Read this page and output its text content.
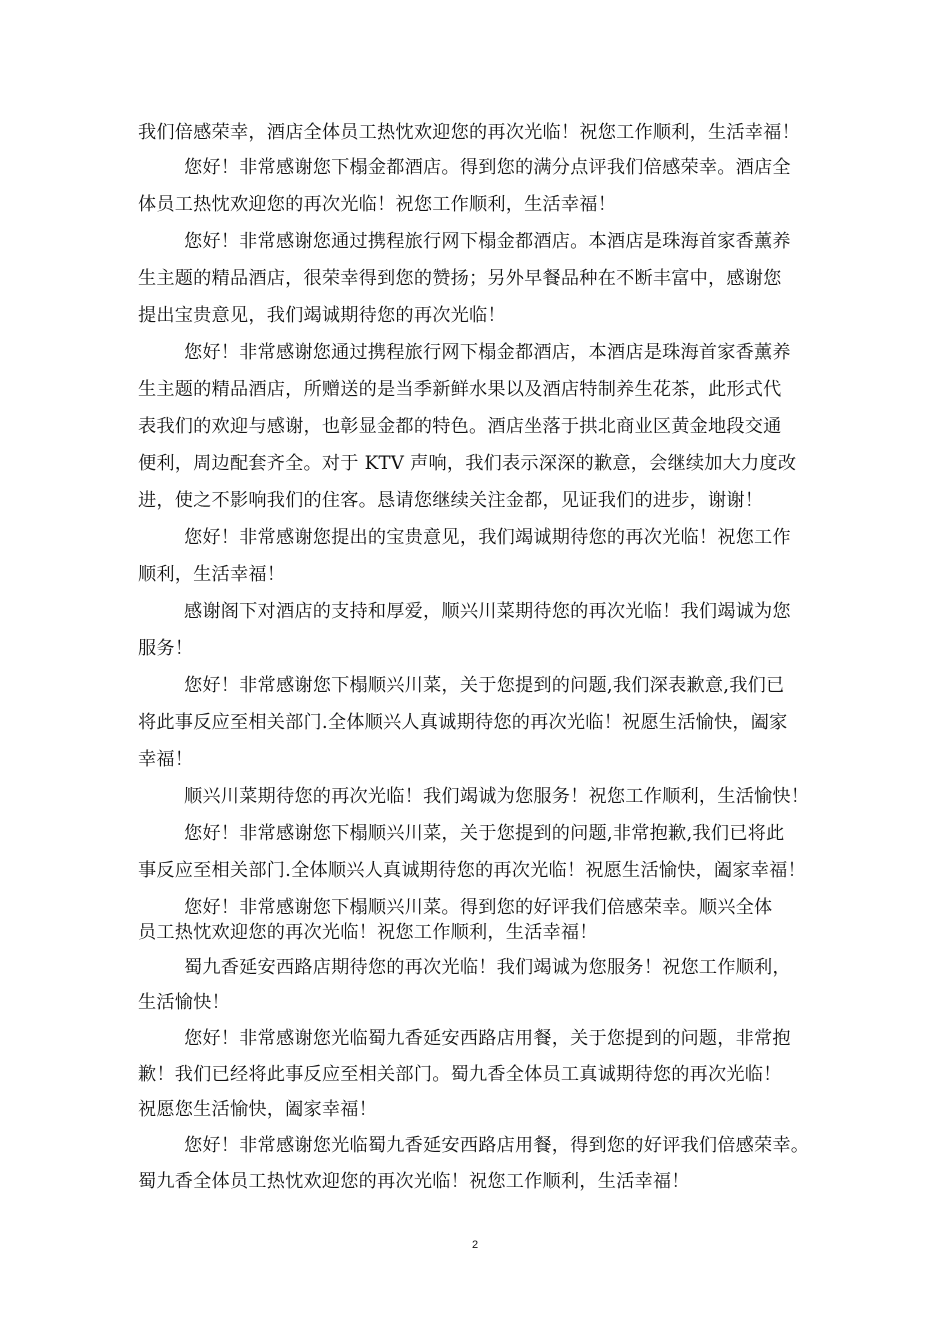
我们倍感荣幸，酒店全体员工热忱欢迎您的再次光临！祝您工作顺利，生活幸福！
您好！非常感谢您下榻金都酒店。得到您的满分点评我们倍感荣幸。酒店全
体员工热忱欢迎您的再次光临！祝您工作顺利，生活幸福！
您好！非常感谢您通过携程旅行网下榻金都酒店。本酒店是珠海首家香薰养
生主题的精品酒店，很荣幸得到您的赞扬；另外早餐品种在不断丰富中，感谢您
提出宝贵意见，我们竭诚期待您的再次光临！
您好！非常感谢您通过携程旅行网下榻金都酒店，本酒店是珠海首家香薰养
生主题的精品酒店，所赠送的是当季新鲜水果以及酒店特制养生花茶，此形式代
表我们的欢迎与感谢，也彰显金都的特色。酒店坐落于拱北商业区黄金地段交通
便利，周边配套齐全。对于 KTV 声响，我们表示深深的歉意，会继续加大力度改
进，使之不影响我们的住客。恳请您继续关注金都，见证我们的进步，谢谢！
您好！非常感谢您提出的宝贵意见，我们竭诚期待您的再次光临！祝您工作
顺利，生活幸福！
感谢阁下对酒店的支持和厚爱，顺兴川菜期待您的再次光临！我们竭诚为您
服务！
您好！非常感谢您下榻顺兴川菜，关于您提到的问题,我们深表歉意,我们已
将此事反应至相关部门.全体顺兴人真诚期待您的再次光临！祝愿生活愉快，阖家
幸福！
顺兴川菜期待您的再次光临！我们竭诚为您服务！祝您工作顺利，生活愉快！
您好！非常感谢您下榻顺兴川菜，关于您提到的问题,非常抱歉,我们已将此
事反应至相关部门.全体顺兴人真诚期待您的再次光临！祝愿生活愉快，阖家幸福！
您好！非常感谢您下榻顺兴川菜。得到您的好评我们倍感荣幸。顺兴全体
员工热忱欢迎您的再次光临！祝您工作顺利，生活幸福！
蜀九香延安西路店期待您的再次光临！我们竭诚为您服务！祝您工作顺利，
生活愉快！
您好！非常感谢您光临蜀九香延安西路店用餐，关于您提到的问题，非常抱
歉！我们已经将此事反应至相关部门。蜀九香全体员工真诚期待您的再次光临！
祝愿您生活愉快，阖家幸福！
您好！非常感谢您光临蜀九香延安西路店用餐，得到您的好评我们倍感荣幸。
蜀九香全体员工热忱欢迎您的再次光临！祝您工作顺利，生活幸福！
2
